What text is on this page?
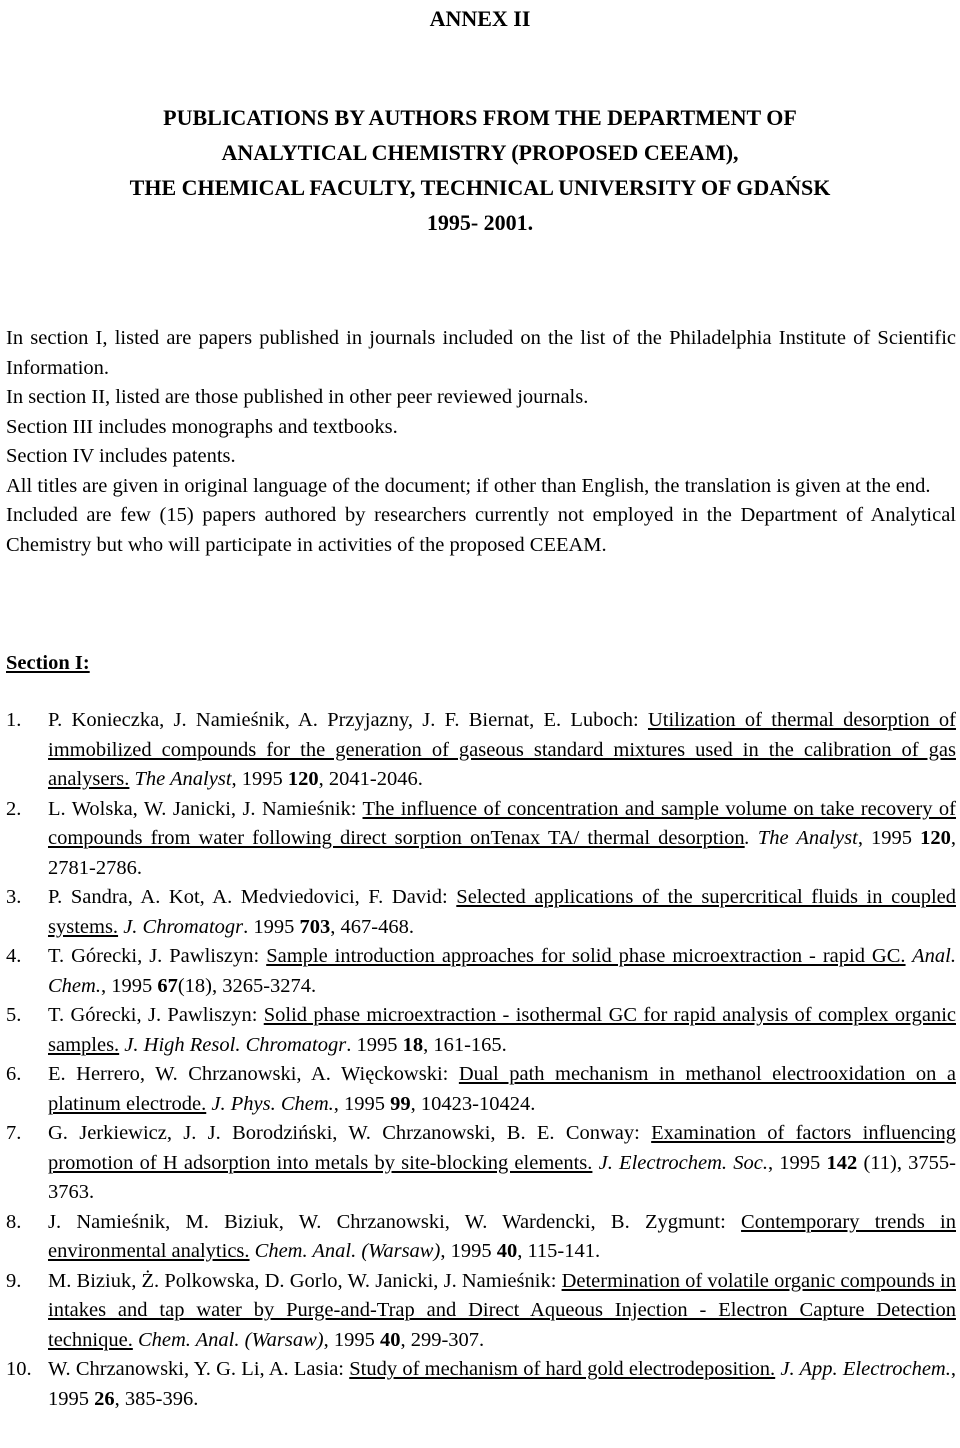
ANNEX II
PUBLICATIONS BY AUTHORS FROM THE DEPARTMENT OF
ANALYTICAL CHEMISTRY (PROPOSED CEEAM),
THE CHEMICAL FACULTY, TECHNICAL UNIVERSITY OF GDAŃSK
1995- 2001.

In section I, listed are papers published in journals included on the list of the Philadelphia Institute of Scientific Information.

In section II, listed are those published in other peer reviewed journals.

Section III includes monographs and textbooks.

Section IV includes patents.

All titles are given in original language of the document; if other than English, the translation is given at the end.

Included are few (15) papers authored by researchers currently not employed in the Department of Analytical Chemistry but who will participate in activities of the proposed CEEAM.

Section I:
1. P. Konieczka, J. Namieśnik, A. Przyjazny, J. F. Biernat, E. Luboch: Utilization of thermal desorption of immobilized compounds for the generation of gaseous standard mixtures used in the calibration of gas analysers. The Analyst, 1995 120, 2041-2046.
2. L. Wolska, W. Janicki, J. Namieśnik: The influence of concentration and sample volume on take recovery of compounds from water following direct sorption onTenax TA/ thermal desorption. The Analyst, 1995 120, 2781-2786.
3. P. Sandra, A. Kot, A. Medviedovici, F. David: Selected applications of the supercritical fluids in coupled systems. J. Chromatogr. 1995 703, 467-468.
4. T. Górecki, J. Pawliszyn: Sample introduction approaches for solid phase microextraction - rapid GC. Anal. Chem., 1995 67(18), 3265-3274.
5. T. Górecki, J. Pawliszyn: Solid phase microextraction - isothermal GC for rapid analysis of complex organic samples. J. High Resol. Chromatogr. 1995 18, 161-165.
6. E. Herrero, W. Chrzanowski, A. Więckowski: Dual path mechanism in methanol electrooxidation on a platinum electrode. J. Phys. Chem., 1995 99, 10423-10424.
7. G. Jerkiewicz, J. J. Borodziński, W. Chrzanowski, B. E. Conway: Examination of factors influencing promotion of H adsorption into metals by site-blocking elements. J. Electrochem. Soc., 1995 142 (11), 3755-3763.
8. J. Namieśnik, M. Biziuk, W. Chrzanowski, W. Wardencki, B. Zygmunt: Contemporary trends in environmental analytics. Chem. Anal. (Warsaw), 1995 40, 115-141.
9. M. Biziuk, Ż. Polkowska, D. Gorlo, W. Janicki, J. Namieśnik: Determination of volatile organic compounds in intakes and tap water by Purge-and-Trap and Direct Aqueous Injection - Electron Capture Detection technique. Chem. Anal. (Warsaw), 1995 40, 299-307.
10. W. Chrzanowski, Y. G. Li, A. Lasia: Study of mechanism of hard gold electrodeposition. J. App. Electrochem., 1995 26, 385-396.
